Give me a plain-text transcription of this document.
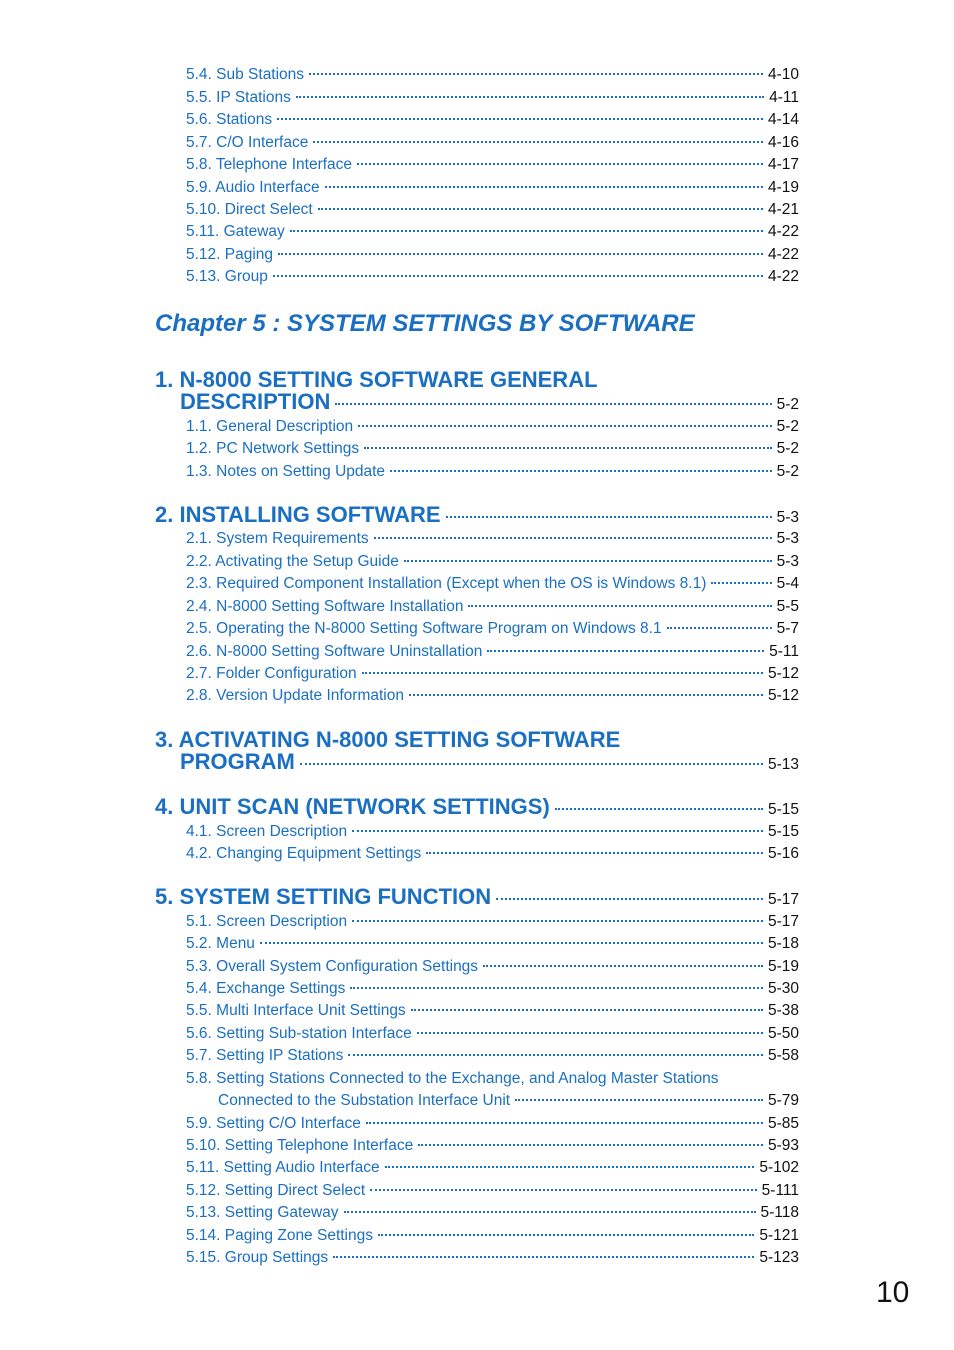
5.4. Sub Stations	4-10
5.5. IP Stations	4-11
5.6. Stations	4-14
5.7. C/O Interface	4-16
5.8. Telephone Interface	4-17
5.9. Audio Interface	4-19
5.10. Direct Select	4-21
5.11. Gateway	4-22
5.12. Paging	4-22
5.13. Group	4-22
Chapter 5 : SYSTEM SETTINGS BY SOFTWARE
1. N-8000 SETTING SOFTWARE GENERAL
DESCRIPTION	5-2
1.1. General Description	5-2
1.2. PC Network Settings	5-2
1.3. Notes on Setting Update	5-2
2. INSTALLING SOFTWARE	5-3
2.1. System Requirements	5-3
2.2. Activating the Setup Guide	5-3
2.3. Required Component Installation (Except when the OS is Windows 8.1)	5-4
2.4. N-8000 Setting Software Installation	5-5
2.5. Operating the N-8000 Setting Software Program on Windows 8.1	5-7
2.6. N-8000 Setting Software Uninstallation	5-11
2.7. Folder Configuration	5-12
2.8. Version Update Information	5-12
3. ACTIVATING N-8000 SETTING SOFTWARE
PROGRAM	5-13
4. UNIT SCAN (NETWORK SETTINGS)	5-15
4.1. Screen Description	5-15
4.2. Changing Equipment Settings	5-16
5. SYSTEM SETTING FUNCTION	5-17
5.1. Screen Description	5-17
5.2. Menu	5-18
5.3. Overall System Configuration Settings	5-19
5.4. Exchange Settings	5-30
5.5. Multi Interface Unit Settings	5-38
5.6. Setting Sub-station Interface	5-50
5.7. Setting IP Stations	5-58
5.8. Setting Stations Connected to the Exchange, and Analog Master Stations
Connected to the Substation Interface Unit	5-79
5.9. Setting C/O Interface	5-85
5.10. Setting Telephone Interface	5-93
5.11. Setting Audio Interface	5-102
5.12. Setting Direct Select	5-111
5.13. Setting Gateway	5-118
5.14. Paging Zone Settings	5-121
5.15. Group Settings	5-123
10
